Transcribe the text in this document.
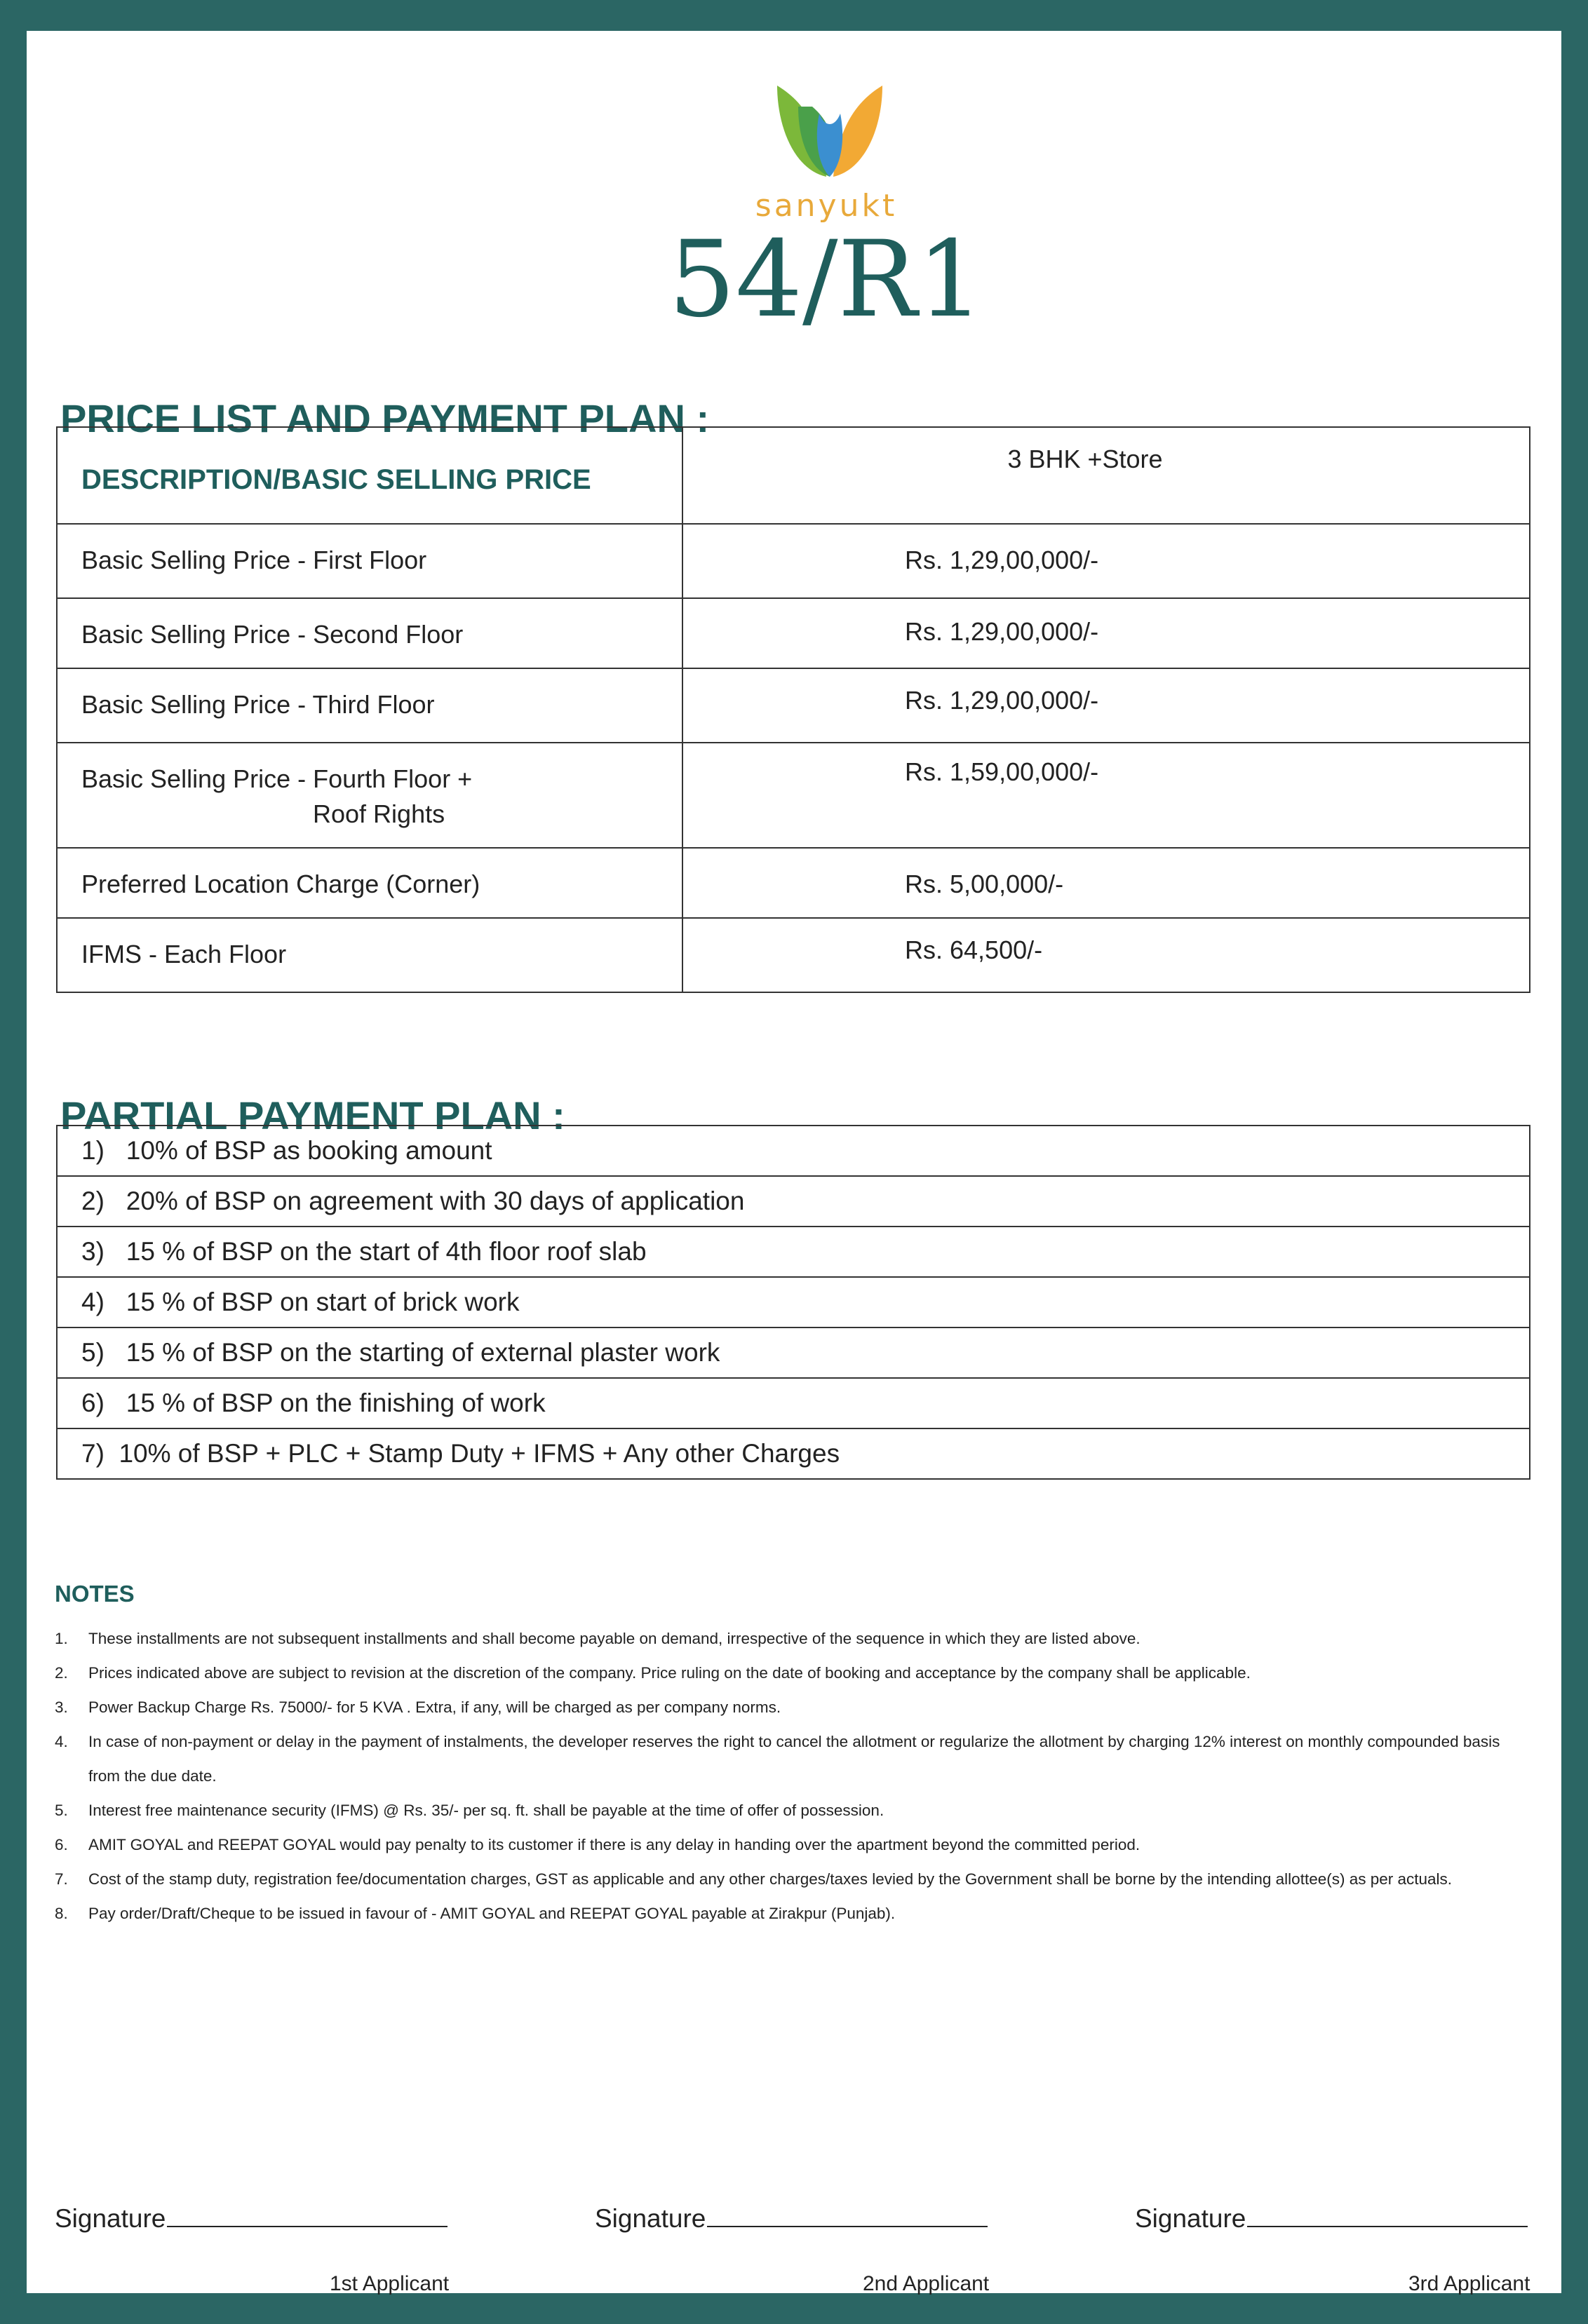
sanyukt
54/R1
PRICE LIST AND PAYMENT PLAN :
DESCRIPTION/BASIC SELLING PRICE	3 BHK +Store
Basic Selling Price - First Floor	Rs. 1,29,00,000/-
Basic Selling Price - Second Floor	Rs. 1,29,00,000/-
Basic Selling Price - Third Floor	Rs. 1,29,00,000/-
Basic Selling Price - Fourth Floor +
Roof Rights	Rs. 1,59,00,000/-
Preferred Location Charge (Corner)	Rs. 5,00,000/-
IFMS - Each Floor	Rs. 64,500/-
PARTIAL PAYMENT PLAN :
1)   10% of BSP as booking amount
2)   20% of BSP on agreement with 30 days of application
3)   15 % of BSP on the start of 4th floor roof slab
4)   15 % of BSP on start of brick work
5)   15 % of BSP on the starting of external plaster work
6)   15 % of BSP on the finishing of work
7)  10% of BSP + PLC + Stamp Duty + IFMS + Any other Charges
NOTES
1. These installments are not subsequent installments and shall become payable on demand, irrespective of the sequence in which they are listed above.
2. Prices indicated above are subject to revision at the discretion of the company. Price ruling on the date of booking and acceptance by the company shall be applicable.
3. Power Backup Charge Rs. 75000/- for 5 KVA . Extra, if any, will be charged as per company norms.
4. In case of non-payment or delay in the payment of instalments, the developer reserves the right to cancel the allotment or regularize the allotment by charging 12% interest on monthly compounded basis from the due date.
5. Interest free maintenance security (IFMS) @ Rs. 35/- per sq. ft. shall be payable at the time of offer of possession.
6. AMIT GOYAL and REEPAT GOYAL would pay penalty to its customer if there is any delay in handing over the apartment beyond the committed period.
7. Cost of the stamp duty, registration fee/documentation charges, GST as applicable and any other charges/taxes levied by the Government shall be borne by the intending allottee(s) as per actuals.
8. Pay order/Draft/Cheque to be issued in favour of - AMIT GOYAL and REEPAT GOYAL payable at Zirakpur (Punjab).
Signature
1st Applicant
Signature
2nd Applicant
Signature
3rd Applicant
